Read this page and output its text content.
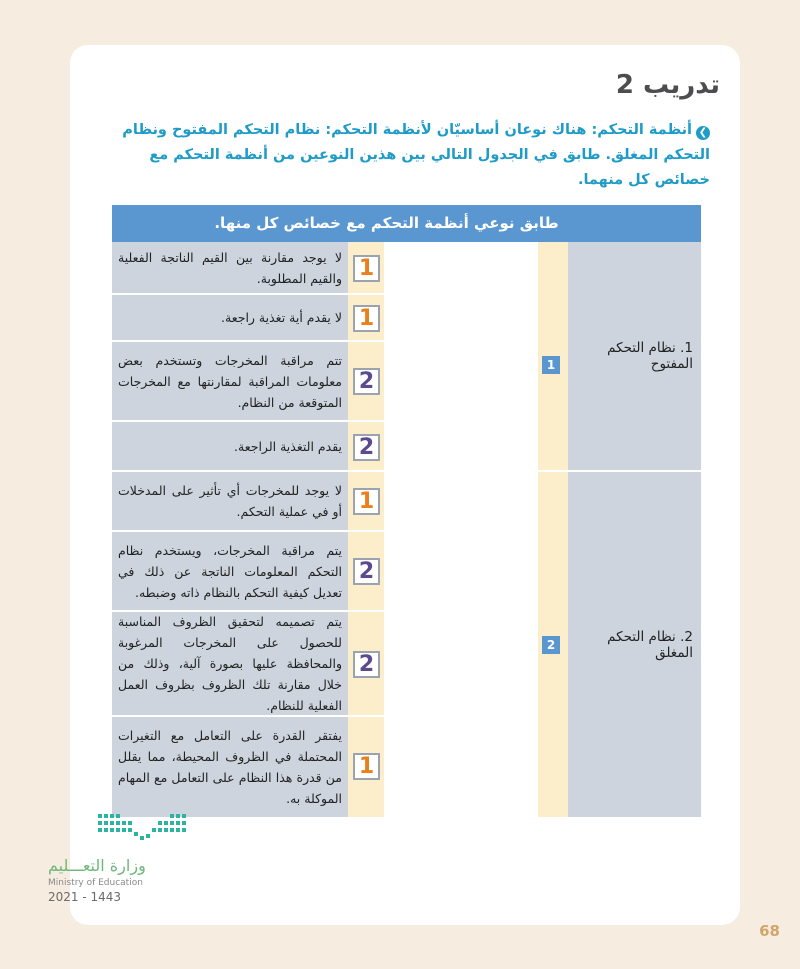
تدريب 2
❯أنظمة التحكم: هناك نوعان أساسيّان لأنظمة التحكم: نظام التحكم المفتوح ونظام التحكم المغلق. طابق في الجدول التالي بين هذين النوعين من أنظمة التحكم مع خصائص كل منهما.
طابق نوعي أنظمة التحكم مع خصائص كل منها.
1. نظام التحكم المفتوح
2. نظام التحكم المغلق
1
2
لا يوجد مقارنة بين القيم الناتجة الفعلية والقيم المطلوبة. 1
لا يقدم أية تغذية راجعة. 1
تتم مراقبة المخرجات وتستخدم بعض معلومات المراقبة لمقارنتها مع المخرجات المتوقعة من النظام.
2
يقدم التغذية الراجعة. 2
لا يوجد للمخرجات أي تأثير على المدخلات أو في عملية التحكم. 1
يتم مراقبة المخرجات، ويستخدم نظام التحكم المعلومات الناتجة عن ذلك في تعديل كيفية التحكم بالنظام ذاته وضبطه.
2
يتم تصميمه لتحقيق الظروف المناسبة للحصول على المخرجات المرغوبة والمحافظة عليها بصورة آلية، وذلك من خلال مقارنة تلك الظروف بظروف العمل الفعلية للنظام.
2
يفتقر القدرة على التعامل مع التغيرات المحتملة في الظروف المحيطة، مما يقلل من قدرة هذا النظام على التعامل مع المهام الموكلة به.
1
وزارة التعـــليم
Ministry of Education
2021 - 1443
68
